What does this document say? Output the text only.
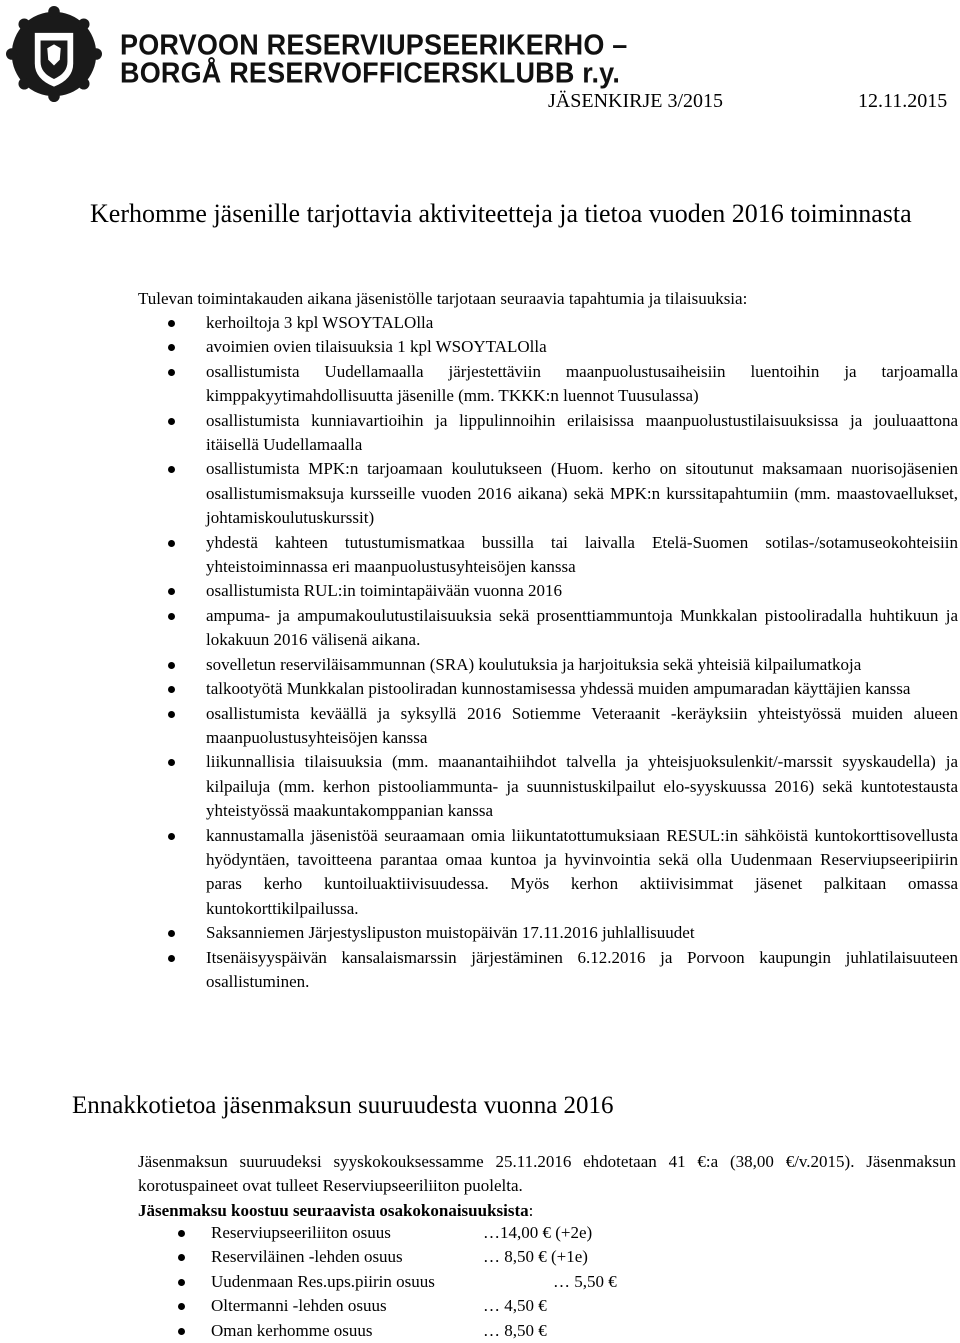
PORVOON RESERVIUPSEERIKERHO –
BORGÅ RESERVOFFICERSKLUBB r.y.
JÄSENKIRJE 3/2015	12.11.2015
Kerhomme jäsenille tarjottavia aktiviteetteja ja tietoa vuoden 2016 toiminnasta
Tulevan toimintakauden aikana jäsenistölle tarjotaan seuraavia tapahtumia ja tilaisuuksia:
kerhoiltoja 3 kpl WSOYTALOlla
avoimien ovien tilaisuuksia 1 kpl WSOYTALOlla
osallistumista Uudellamaalla järjestettäviin maanpuolustusaiheisiin luentoihin ja tarjoamalla kimppakyytimahdollisuutta jäsenille (mm. TKKK:n luennot Tuusulassa)
osallistumista kunniavartioihin ja lippulinnoihin erilaisissa maanpuolustustilaisuuksissa ja jouluaattona itäisellä Uudellamaalla
osallistumista MPK:n tarjoamaan koulutukseen (Huom. kerho on sitoutunut maksamaan nuorisojäsenien osallistumismaksuja kursseille vuoden 2016 aikana) sekä MPK:n kurssitapahtumiin (mm. maastovaellukset, johtamiskoulutuskurssit)
yhdestä kahteen tutustumismatkaa bussilla tai laivalla Etelä-Suomen sotilas-/sotamuseokohteisiin yhteistoiminnassa eri maanpuolustusyhteisöjen kanssa
osallistumista RUL:in toimintapäivään vuonna 2016
ampuma- ja ampumakoulutustilaisuuksia sekä prosenttiammuntoja Munkkalan pistooliradalla huhtikuun ja lokakuun 2016 välisenä aikana.
sovelletun reserviläisammunnan (SRA) koulutuksia ja harjoituksia sekä yhteisiä kilpailumatkoja
talkootyötä Munkkalan pistooliradan kunnostamisessa yhdessä muiden ampumaradan käyttäjien kanssa
osallistumista keväällä ja syksyllä 2016 Sotiemme Veteraanit -keräyksiin yhteistyössä muiden alueen maanpuolustusyhteisöjen kanssa
liikunnallisia tilaisuuksia (mm. maanantaihiihdot talvella ja yhteisjuoksulenkit/-marssit syyskaudella) ja kilpailuja (mm. kerhon pistooliammunta- ja suunnistuskilpailut elo-syyskuussa 2016) sekä kuntotestausta yhteistyössä maakuntakomppanian kanssa
kannustamalla jäsenistöä seuraamaan omia liikuntatottumuksiaan RESUL:in sähköistä kuntokorttisovellusta hyödyntäen, tavoitteena parantaa omaa kuntoa ja hyvinvointia sekä olla Uudenmaan Reserviupseeripiirin paras kerho kuntoiluaktiivisuudessa. Myös kerhon aktiivisimmat jäsenet palkitaan omassa kuntokorttikilpailussa.
Saksanniemen Järjestyslipuston muistopäivän 17.11.2016 juhlallisuudet
Itsenäisyyspäivän kansalaismarssin järjestäminen 6.12.2016 ja Porvoon kaupungin juhlatilaisuuteen osallistuminen.
Ennakkotietoa jäsenmaksun suuruudesta vuonna 2016

Jäsenmaksun suuruudeksi syyskokouksessamme 25.11.2016 ehdotetaan 41 €:a (38,00 €/v.2015). Jäsenmaksun korotuspaineet ovat tulleet Reserviupseeriliiton puolelta.

Jäsenmaksu koostuu seuraavista osakokonaisuuksista:

Reserviupseeriliiton osuus	…14,00 € (+2e)
Reserviläinen -lehden osuus	… 8,50 € (+1e)
Uudenmaan Res.ups.piirin osuus	… 5,50 €
Oltermanni -lehden osuus	… 4,50 €
Oman kerhomme osuus	… 8,50 €
